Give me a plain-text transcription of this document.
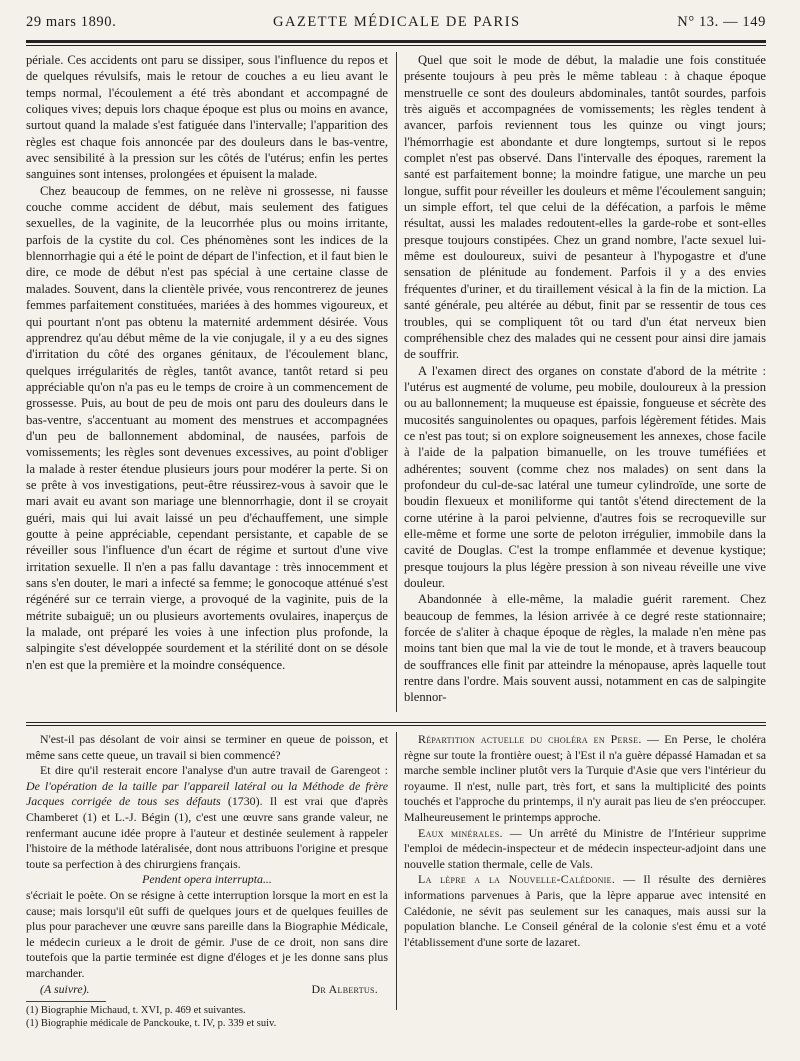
29 mars 1890.	GAZETTE MÉDICALE DE PARIS	N° 13. — 149

périale. Ces accidents ont paru se dissiper, sous l'influence du repos et de quelques révulsifs, mais le retour de couches a eu lieu avant le temps normal, l'écoulement a été très abondant et accompagné de coliques vives; depuis lors chaque époque est plus ou moins en avance, surtout quand la malade s'est fatiguée dans l'intervalle; l'apparition des règles est chaque fois annoncée par des douleurs dans le bas-ventre, avec sensibilité à la pression sur les côtés de l'utérus; enfin les pertes sanguines sont intenses, prolongées et épuisent la malade.

Chez beaucoup de femmes, on ne relève ni grossesse, ni fausse couche comme accident de début, mais seulement des fatigues sexuelles, de la vaginite, de la leucorrhée plus ou moins irritante, parfois de la cystite du col. Ces phénomènes sont les indices de la blennorrhagie qui a été le point de départ de l'infection, et il faut bien le dire, ce mode de début n'est pas spécial à une certaine classe de malades. Souvent, dans la clientèle privée, vous rencontrerez de jeunes femmes parfaitement constituées, mariées à des hommes vigoureux, et qui pourtant n'ont pas obtenu la maternité ardemment désirée. Vous apprendrez qu'au début même de la vie conjugale, il y a eu des signes d'irritation du côté des organes génitaux, de l'écoulement blanc, quelques irrégularités de règles, tantôt avance, tantôt retard si peu appréciable qu'on n'a pas eu le temps de croire à un commencement de grossesse. Puis, au bout de peu de mois ont paru des douleurs dans le bas-ventre, s'accentuant au moment des menstrues et accompagnées d'un peu de ballonnement abdominal, de nausées, parfois de vomissements; les règles sont devenues excessives, au point d'obliger la malade à rester étendue plusieurs jours pour modérer la perte. Si on se prête à vos investigations, peut-être réussirez-vous à savoir que le mari avait eu avant son mariage une blennorrhagie, dont il se croyait guéri, mais qui lui avait laissé un peu d'échauffement, une simple goutte à peine appréciable, cependant persistante, et capable de se réveiller sous l'influence d'un écart de régime et surtout d'une vive irritation sexuelle. Il n'en a pas fallu davantage : très innocemment et sans s'en douter, le mari a infecté sa femme; le gonocoque atténué s'est régénéré sur ce terrain vierge, a provoqué de la vaginite, puis de la métrite subaiguë; un ou plusieurs avortements ovulaires, inaperçus de la malade, ont préparé les voies à une infection plus profonde, la salpingite s'est développée sourdement et la stérilité dont on se désole n'en est que la première et la moindre conséquence.

Quel que soit le mode de début, la maladie une fois constituée présente toujours à peu près le même tableau : à chaque époque menstruelle ce sont des douleurs abdominales, tantôt sourdes, parfois très aiguës et accompagnées de vomissements; les règles tendent à avancer, parfois reviennent tous les quinze ou vingt jours; l'hémorrhagie est abondante et dure longtemps, surtout si le repos complet n'est pas observé. Dans l'intervalle des époques, rarement la santé est parfaitement bonne; la moindre fatigue, une marche un peu longue, suffit pour réveiller les douleurs et même l'écoulement sanguin; un simple effort, tel que celui de la défécation, a parfois le même résultat, aussi les malades redoutent-elles la garde-robe et sont-elles presque toujours constipées. Chez un grand nombre, l'acte sexuel lui-même est douloureux, suivi de pesanteur à l'hypogastre et d'une sensation de plénitude au fondement. Parfois il y a des envies fréquentes d'uriner, et du tiraillement vésical à la fin de la miction. La santé générale, peu altérée au début, finit par se ressentir de tous ces troubles, qui se compliquent tôt ou tard d'un état nerveux bien compréhensible chez des malades qui ne cessent pour ainsi dire jamais de souffrir.

A l'examen direct des organes on constate d'abord de la métrite : l'utérus est augmenté de volume, peu mobile, douloureux à la pression ou au ballonnement; la muqueuse est épaissie, fongueuse et sécrète des mucosités sanguinolentes ou opaques, parfois légèrement fétides. Mais ce n'est pas tout; si on explore soigneusement les annexes, chose facile à l'aide de la palpation bimanuelle, on les trouve tuméfiées et adhérentes; souvent (comme chez nos malades) on sent dans la profondeur du cul-de-sac latéral une tumeur cylindroïde, une sorte de boudin flexueux et moniliforme qui tantôt s'étend directement de la corne utérine à la paroi pelvienne, d'autres fois se recroqueville sur elle-même et forme une sorte de peloton irrégulier, immobile dans la cavité de Douglas. C'est la trompe enflammée et devenue kystique; presque toujours la plus légère pression à son niveau réveille une vive douleur.

Abandonnée à elle-même, la maladie guérit rarement. Chez beaucoup de femmes, la lésion arrivée à ce degré reste stationnaire; forcée de s'aliter à chaque époque de règles, la malade n'en mène pas moins tant bien que mal la vie de tout le monde, et à travers beaucoup de souffrances elle finit par atteindre la ménopause, après laquelle tout rentre dans l'ordre. Mais souvent aussi, notamment en cas de salpingite blennor-

N'est-il pas désolant de voir ainsi se terminer en queue de poisson, et même sans cette queue, un travail si bien commencé?

Et dire qu'il resterait encore l'analyse d'un autre travail de Garengeot : De l'opération de la taille par l'appareil latéral ou la Méthode de frère Jacques corrigée de tous ses défauts (1730). Il est vrai que d'après Chamberet (1) et L.-J. Bégin (1), c'est une œuvre sans grande valeur, ne renfermant aucune idée propre à l'auteur et destinée seulement à rappeler l'histoire de la méthode latéralisée, dont nous attribuons l'origine et presque toute sa perfection à des chirurgiens français.

Pendent opera interrupta...

s'écriait le poète. On se résigne à cette interruption lorsque la mort en est la cause; mais lorsqu'il eût suffi de quelques jours et de quelques feuilles de plus pour parachever une œuvre sans pareille dans la Biographie Médicale, le médecin curieux a le droit de gémir. J'use de ce droit, non sans dire toutefois que la partie terminée est digne d'éloges et je les donne sans plus marchander.

(A suivre).	Dr Albertus.

(1) Biographie Michaud, t. XVI, p. 469 et suivantes.

(1) Biographie médicale de Panckouke, t. IV, p. 339 et suiv.

Répartition actuelle du choléra en Perse. — En Perse, le choléra règne sur toute la frontière ouest; à l'Est il n'a guère dépassé Hamadan et sa marche semble incliner plutôt vers la Turquie d'Asie que vers l'intérieur du royaume. Il n'est, nulle part, très fort, et sans la multiplicité des points touchés et l'approche du printemps, il n'y aurait pas lieu de s'en préoccuper. Malheureusement le printemps approche.

Eaux minérales. — Un arrêté du Ministre de l'Intérieur supprime l'emploi de médecin-inspecteur et de médecin inspecteur-adjoint dans une nouvelle station thermale, celle de Vals.

La lèpre a la Nouvelle-Calédonie. — Il résulte des dernières informations parvenues à Paris, que la lèpre apparue avec intensité en Calédonie, ne sévit pas seulement sur les canaques, mais aussi sur la population blanche. Le Conseil général de la colonie s'est ému et a voté l'établissement d'une sorte de lazaret.
